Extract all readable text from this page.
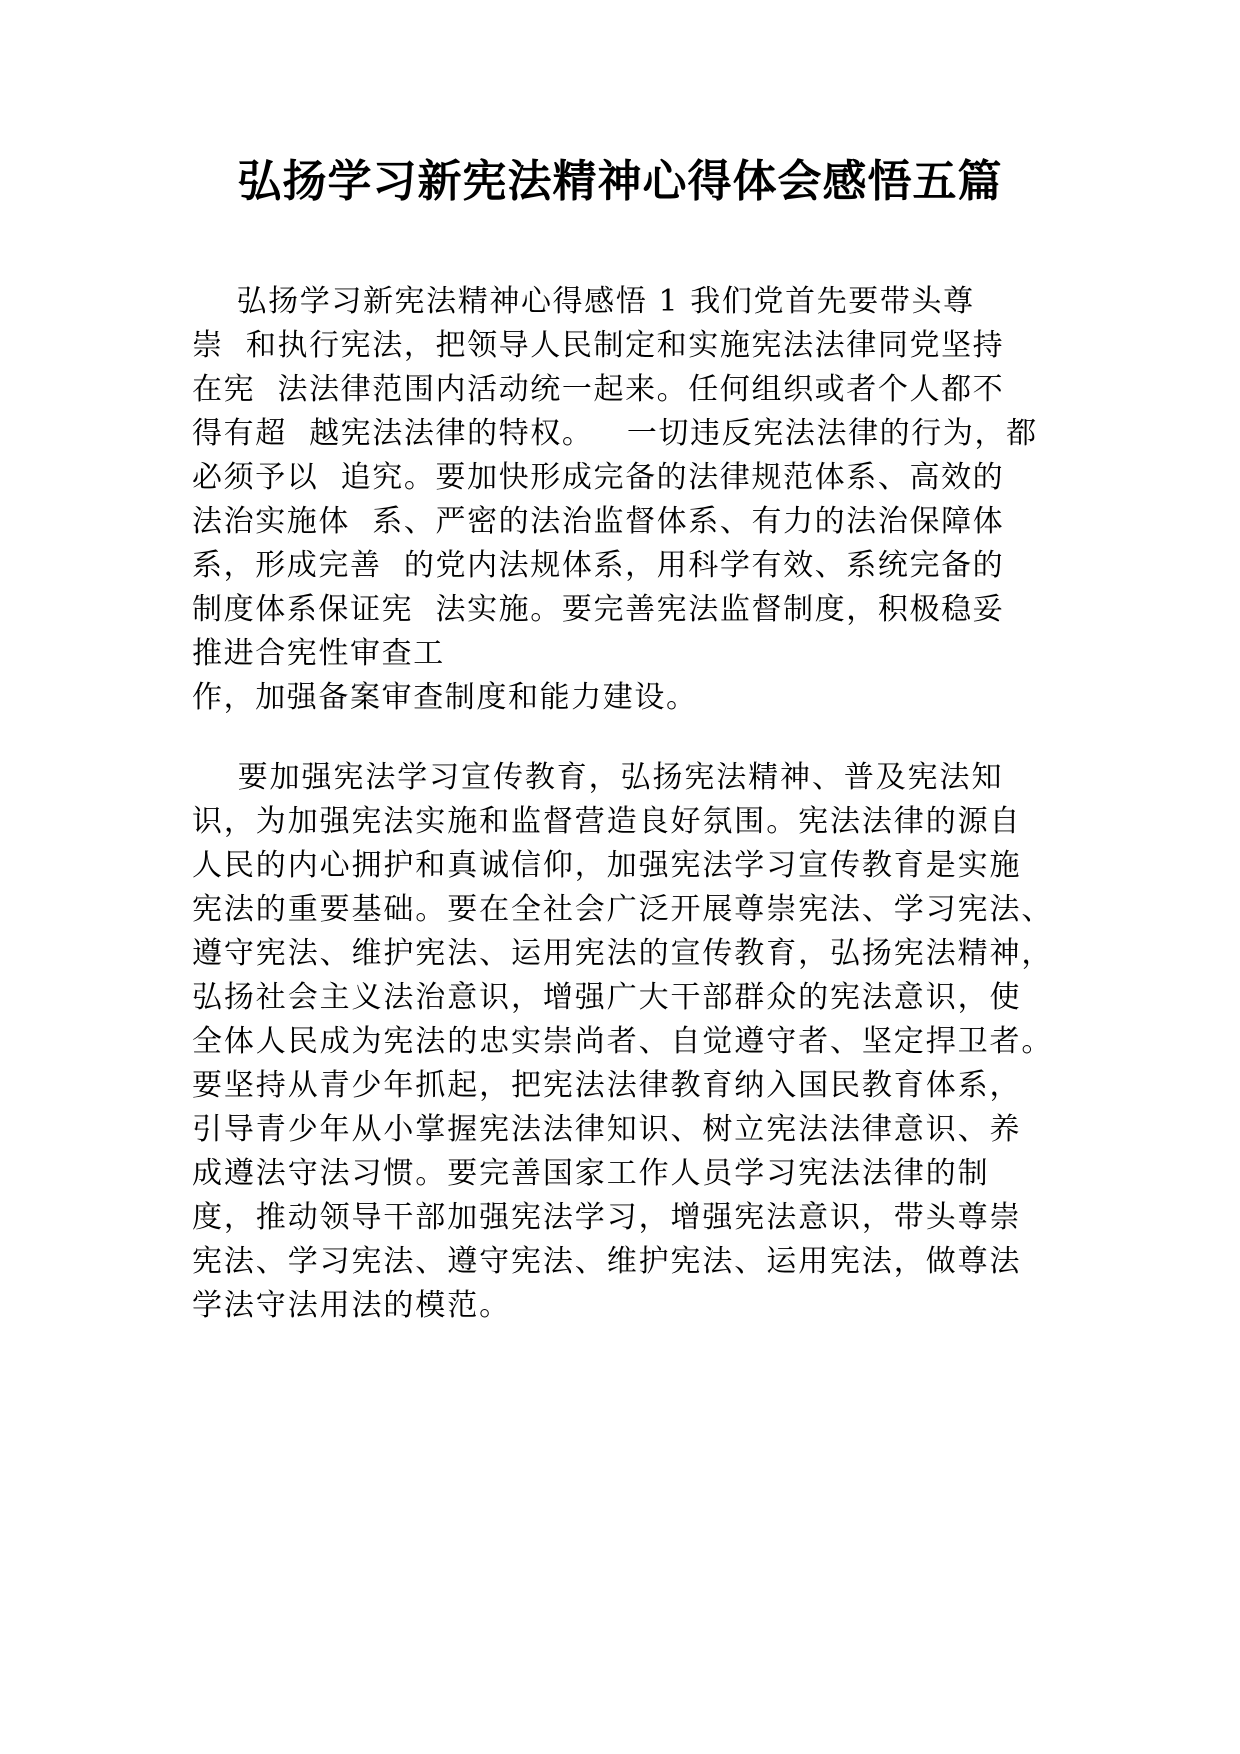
弘扬学习新宪法精神心得体会感悟五篇

弘扬学习新宪法精神心得感悟 1 我们党首先要带头尊

崇  和执行宪法，把领导人民制定和实施宪法法律同党坚持

在宪  法法律范围内活动统一起来。任何组织或者个人都不

得有超  越宪法法律的特权。   一切违反宪法法律的行为，都

必须予以  追究。要加快形成完备的法律规范体系、高效的

法治实施体  系、严密的法治监督体系、有力的法治保障体

系，形成完善  的党内法规体系，用科学有效、系统完备的

制度体系保证宪  法实施。要完善宪法监督制度，积极稳妥

推进合宪性审查工

作，加强备案审查制度和能力建设。

要加强宪法学习宣传教育，弘扬宪法精神、普及宪法知

识，为加强宪法实施和监督营造良好氛围。宪法法律的源自

人民的内心拥护和真诚信仰，加强宪法学习宣传教育是实施

宪法的重要基础。要在全社会广泛开展尊崇宪法、学习宪法、

遵守宪法、维护宪法、运用宪法的宣传教育，弘扬宪法精神，

弘扬社会主义法治意识，增强广大干部群众的宪法意识，使

全体人民成为宪法的忠实崇尚者、自觉遵守者、坚定捍卫者。

要坚持从青少年抓起，把宪法法律教育纳入国民教育体系，

引导青少年从小掌握宪法法律知识、树立宪法法律意识、养

成遵法守法习惯。要完善国家工作人员学习宪法法律的制

度，推动领导干部加强宪法学习，增强宪法意识，带头尊崇

宪法、学习宪法、遵守宪法、维护宪法、运用宪法，做尊法

学法守法用法的模范。
